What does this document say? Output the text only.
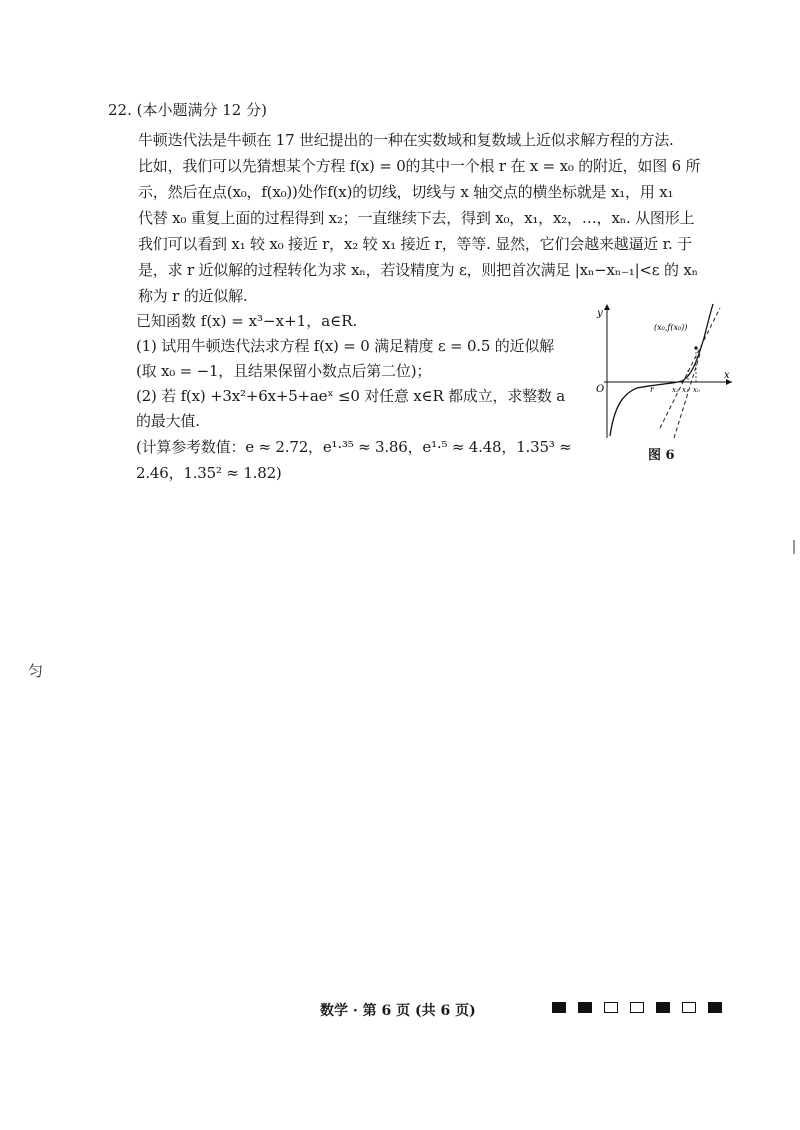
22. (本小题满分 12 分)
牛顿迭代法是牛顿在 17 世纪提出的一种在实数域和复数域上近似求解方程的方法.
比如，我们可以先猜想某个方程 f(x) = 0的其中一个根 r 在 x = x₀ 的附近，如图 6 所
示，然后在点(x₀，f(x₀))处作f(x)的切线，切线与 x 轴交点的横坐标就是 x₁，用 x₁
代替 x₀ 重复上面的过程得到 x₂；一直继续下去，得到 x₀，x₁，x₂，…，xₙ. 从图形上
我们可以看到 x₁ 较 x₀ 接近 r，x₂ 较 x₁ 接近 r，等等. 显然，它们会越来越逼近 r. 于
是，求 r 近似解的过程转化为求 xₙ，若设精度为 ε，则把首次满足 |xₙ−xₙ₋₁|<ε 的 xₙ
称为 r 的近似解.
已知函数 f(x) = x³−x+1，a∈R.
(1) 试用牛顿迭代法求方程 f(x) = 0 满足精度 ε = 0.5 的近似解
(取 x₀ = −1，且结果保留小数点后第二位)；
(2) 若 f(x) +3x²+6x+5+aeˣ ≤0 对任意 x∈R 都成立，求整数 a
的最大值.
(计算参考数值：e ≈ 2.72，e¹·³⁵ ≈ 3.86，e¹·⁵ ≈ 4.48，1.35³ ≈
2.46，1.35² ≈ 1.82)
y
x
O
(x₀,f(x₀))
r	x₂ x₁ x₀
图 6
匀
数学 · 第 6 页 (共 6 页)
